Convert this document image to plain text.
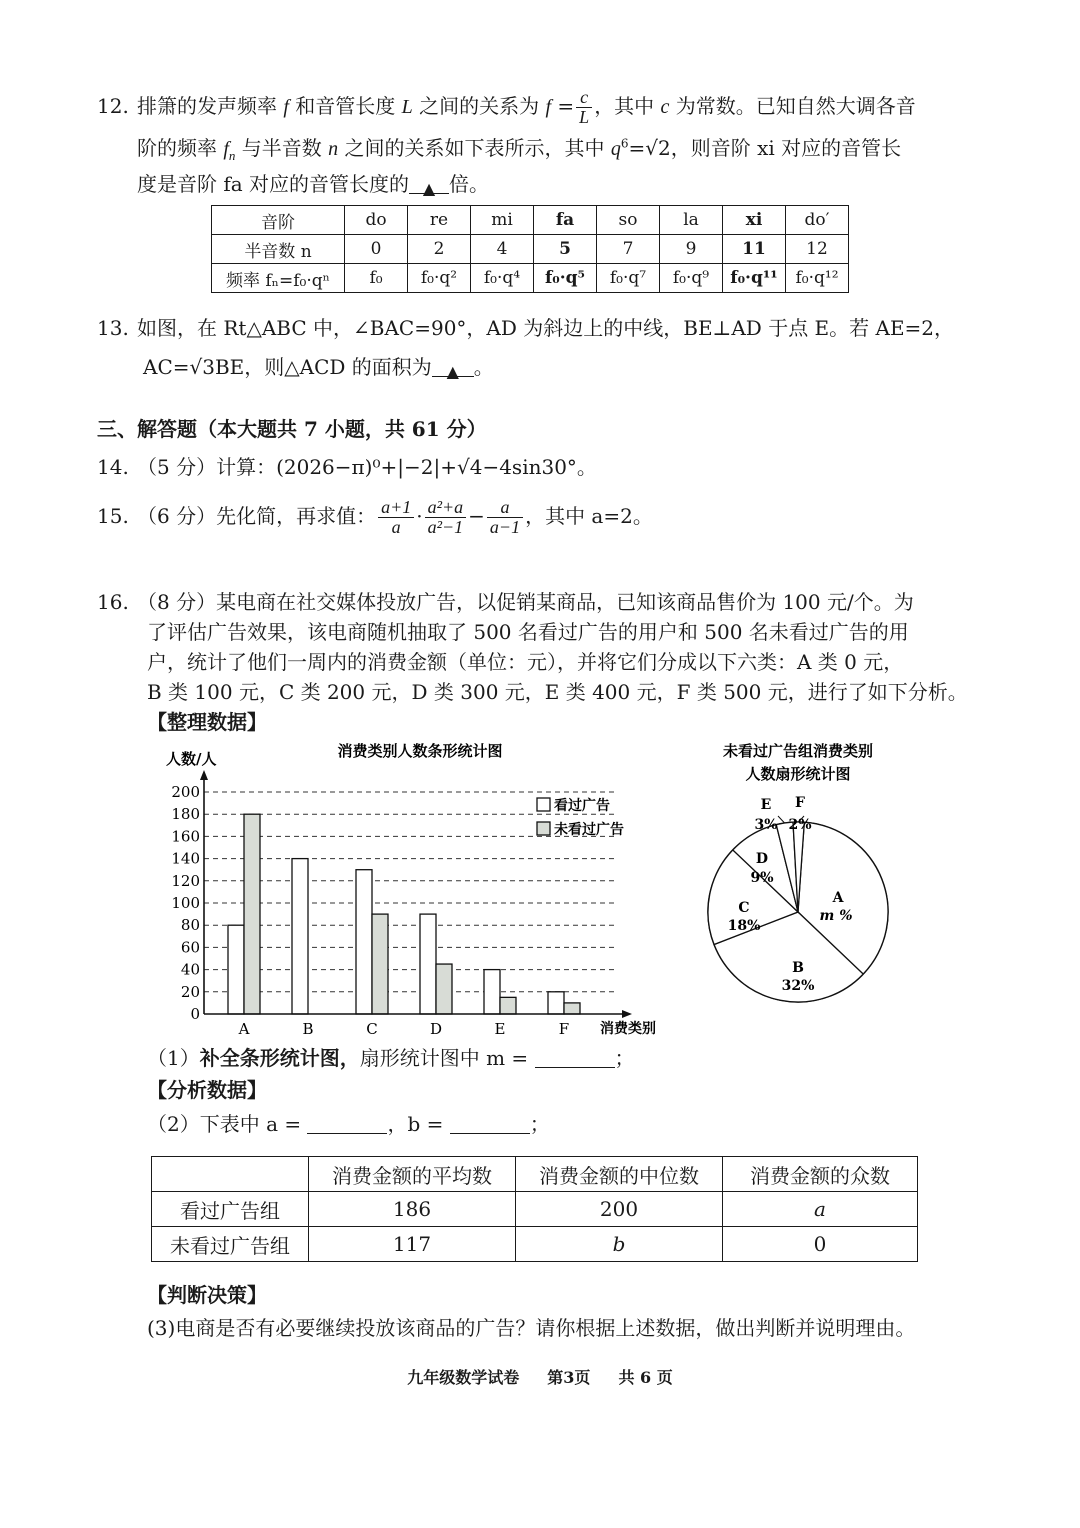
12. 排箫的发声频率 f 和音管长度 L 之间的关系为 $f = \frac{c}{L}$ ，其中 c 为常数。已知自然大调各音
阶的频率 $f_n$ 与半音数 n 之间的关系如下表所示，其中 $q^6=√2$，则音阶 xi 对应的音管长
度是音阶 fa 对应的音管长度的 ▲ 倍。
音阶	do	re	mi	fa	so	la	xi	do′
半音数 n	0	2	4	5	7	9	11	12
频率 fₙ=f₀·qⁿ	f₀	f₀·q²	f₀·q⁴	f₀·q⁵	f₀·q⁷	f₀·q⁹	f₀·q¹¹	f₀·q¹²
13. 如图，在 Rt△ABC 中，∠BAC=90°，AD 为斜边上的中线，BE⊥AD 于点 E。若 AE=2，
AC=√3BE，则△ACD 的面积为 ▲ 。
三、解答题（本大题共 7 小题，共 61 分）
14. （5 分）计算：(2026−π)⁰+|−2|+√4−4sin30°。
15. （6 分）先化简，再求值： $\frac{a+1}{a} \cdot \frac{\text{a²+a}}{\text{a²−1}} - \frac{a}{a-1}$ ，其中 a=2。
16. （8 分）某电商在社交媒体投放广告，以促销某商品，已知该商品售价为 100 元/个。为
了评估广告效果，该电商随机抽取了 500 名看过广告的用户和 500 名未看过广告的用
户，统计了他们一周内的消费金额（单位：元），并将它们分成以下六类：A 类 0 元，
B 类 100 元，C 类 200 元，D 类 300 元，E 类 400 元，F 类 500 元，进行了如下分析。
【整理数据】
消费类别人数条形统计图
人数/人
消费类别
0
20
40
60
80
100
120
140
160
180
200
A	B	C	D	E	F
看过广告
未看过广告
未看过广告组消费类别
人数扇形统计图
A
m %
B
32%
C
18%
D
9%
E
3%
F
2%
（1）补全条形统计图，扇形统计图中 m =	；
【分析数据】
（2）下表中 a =	，b =	；
	消费金额的平均数	消费金额的中位数	消费金额的众数
看过广告组	186	200	a
未看过广告组	117	b	0
【判断决策】
(3)电商是否有必要继续投放该商品的广告？请你根据上述数据，做出判断并说明理由。
九年级数学试卷 第3页 共 6 页
